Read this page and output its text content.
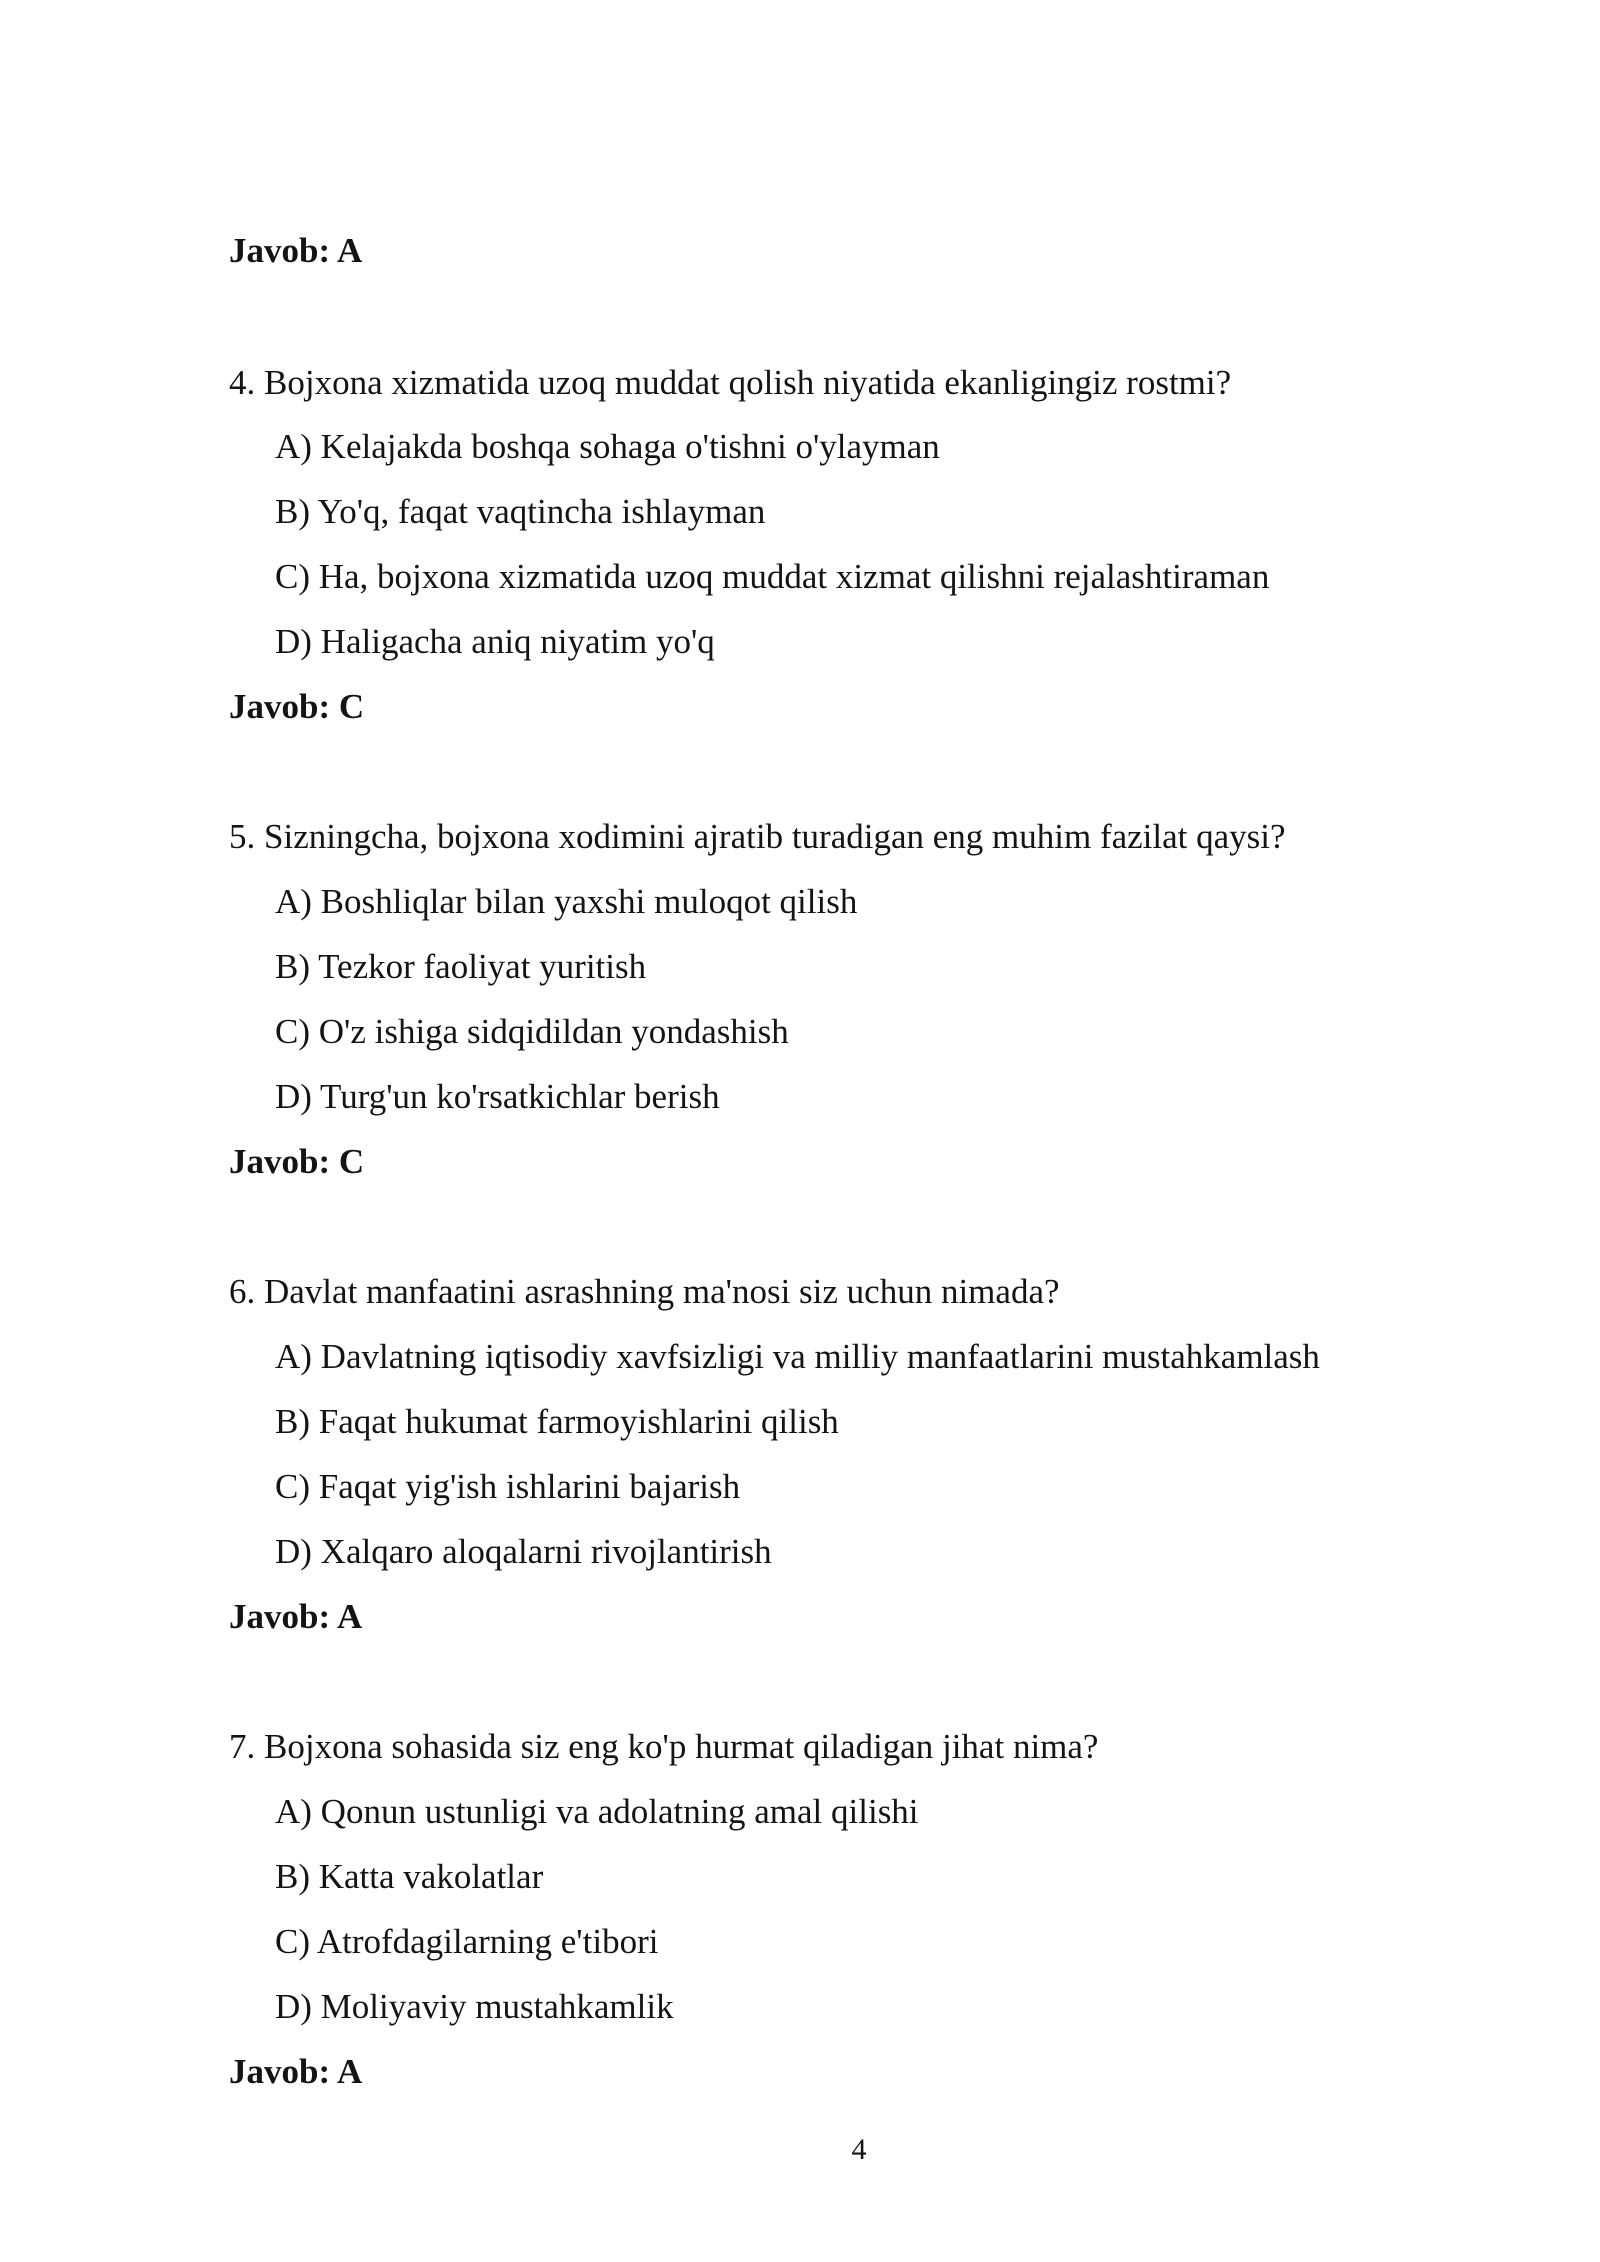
Javob: A
4. Bojxona xizmatida uzoq muddat qolish niyatida ekanligingiz rostmi?
A) Kelajakda boshqa sohaga o'tishni o'ylayman
B) Yo'q, faqat vaqtincha ishlayman
C) Ha, bojxona xizmatida uzoq muddat xizmat qilishni rejalashtiraman
D) Haligacha aniq niyatim yo'q
Javob: C
5. Sizningcha, bojxona xodimini ajratib turadigan eng muhim fazilat qaysi?
A) Boshliqlar bilan yaxshi muloqot qilish
B) Tezkor faoliyat yuritish
C) O'z ishiga sidqidildan yondashish
D) Turg'un ko'rsatkichlar berish
Javob: C
6. Davlat manfaatini asrashning ma'nosi siz uchun nimada?
A) Davlatning iqtisodiy xavfsizligi va milliy manfaatlarini mustahkamlash
B) Faqat hukumat farmoyishlarini qilish
C) Faqat yig'ish ishlarini bajarish
D) Xalqaro aloqalarni rivojlantirish
Javob: A
7. Bojxona sohasida siz eng ko'p hurmat qiladigan jihat nima?
A) Qonun ustunligi va adolatning amal qilishi
B) Katta vakolatlar
C) Atrofdagilarning e'tibori
D) Moliyaviy mustahkamlik
Javob: A
4
